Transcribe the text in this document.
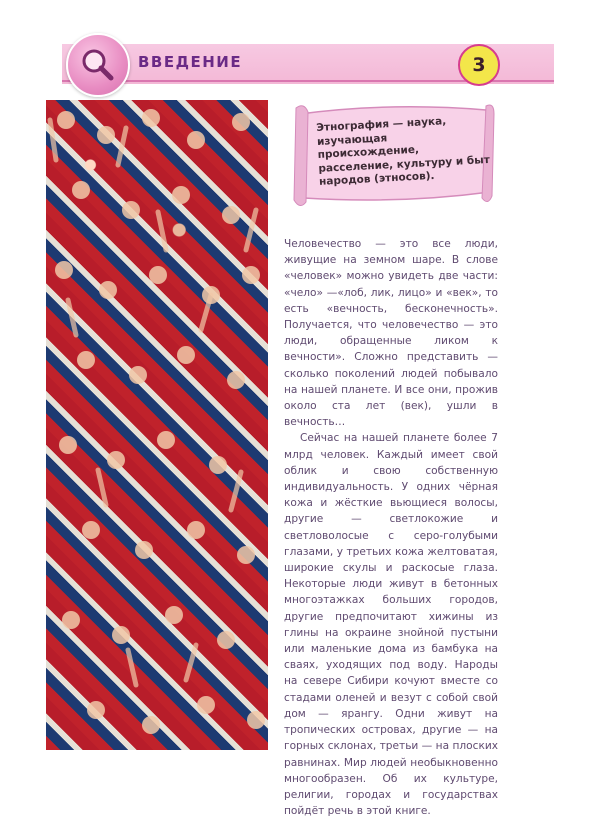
ВВЕДЕНИЕ	3
Этнография — наука, изучающая происхождение, расселение, культуру и быт народов (этносов).

Человечество — это все люди, живущие на земном шаре. В слове «человек» можно увидеть две части: «чело» —«лоб, лик, лицо» и «век», то есть «вечность, бесконечность». Получается, что человечество — это люди, обращенные ликом к вечности». Сложно представить — сколько поколений людей побывало на нашей планете. И все они, прожив около ста лет (век), ушли в вечность…

Сейчас на нашей планете более 7 млрд человек. Каждый имеет свой облик и свою собственную индивидуальность. У одних чёрная кожа и жёсткие вьющиеся волосы, другие — светлокожие и светловолосые с серо-голубыми глазами, у третьих кожа желтоватая, широкие скулы и раскосые глаза. Некоторые люди живут в бетонных многоэтажках больших городов, другие предпочитают хижины из глины на окраине знойной пустыни или маленькие дома из бамбука на сваях, уходящих под воду. Народы на севере Сибири кочуют вместе со стадами оленей и везут с собой свой дом — ярангу. Одни живут на тропических островах, другие — на горных склонах, третьи — на плоских равнинах. Мир людей необыкновенно многообразен. Об их культуре, религии, городах и государствах пойдёт речь в этой книге.
